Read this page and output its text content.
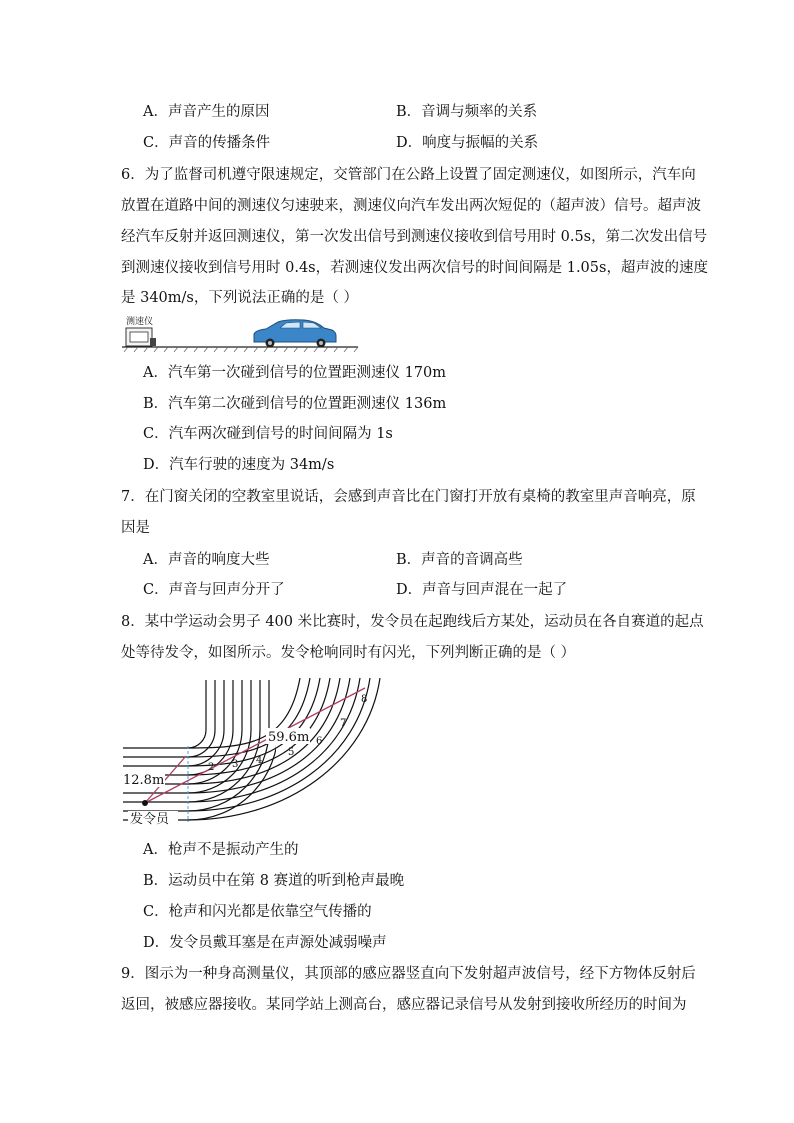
A．声音产生的原因	B．音调与频率的关系
C．声音的传播条件	D．响度与振幅的关系
6．为了监督司机遵守限速规定，交管部门在公路上设置了固定测速仪，如图所示，汽车向
放置在道路中间的测速仪匀速驶来，测速仪向汽车发出两次短促的（超声波）信号。超声波
经汽车反射并返回测速仪，第一次发出信号到测速仪接收到信号用时 0.5s，第二次发出信号
到测速仪接收到信号用时 0.4s，若测速仪发出两次信号的时间间隔是 1.05s，超声波的速度
是 340m/s，下列说法正确的是（ ）
测速仪
A．汽车第一次碰到信号的位置距测速仪 170m
B．汽车第二次碰到信号的位置距测速仪 136m
C．汽车两次碰到信号的时间间隔为 1s
D．汽车行驶的速度为 34m/s
7．在门窗关闭的空教室里说话，会感到声音比在门窗打开放有桌椅的教室里声音响亮，原
因是
A．声音的响度大些	B．声音的音调高些
C．声音与回声分开了	D．声音与回声混在一起了
8．某中学运动会男子 400 米比赛时，发令员在起跑线后方某处，运动员在各自赛道的起点
处等待发令，如图所示。发令枪响同时有闪光，下列判断正确的是（ ）
59.6m
12.8m
发令员
2 3 4
5
6
7
8
A．枪声不是振动产生的
B．运动员中在第 8 赛道的听到枪声最晚
C．枪声和闪光都是依靠空气传播的
D．发令员戴耳塞是在声源处减弱噪声
9．图示为一种身高测量仪，其顶部的感应器竖直向下发射超声波信号，经下方物体反射后
返回，被感应器接收。某同学站上测高台，感应器记录信号从发射到接收所经历的时间为
